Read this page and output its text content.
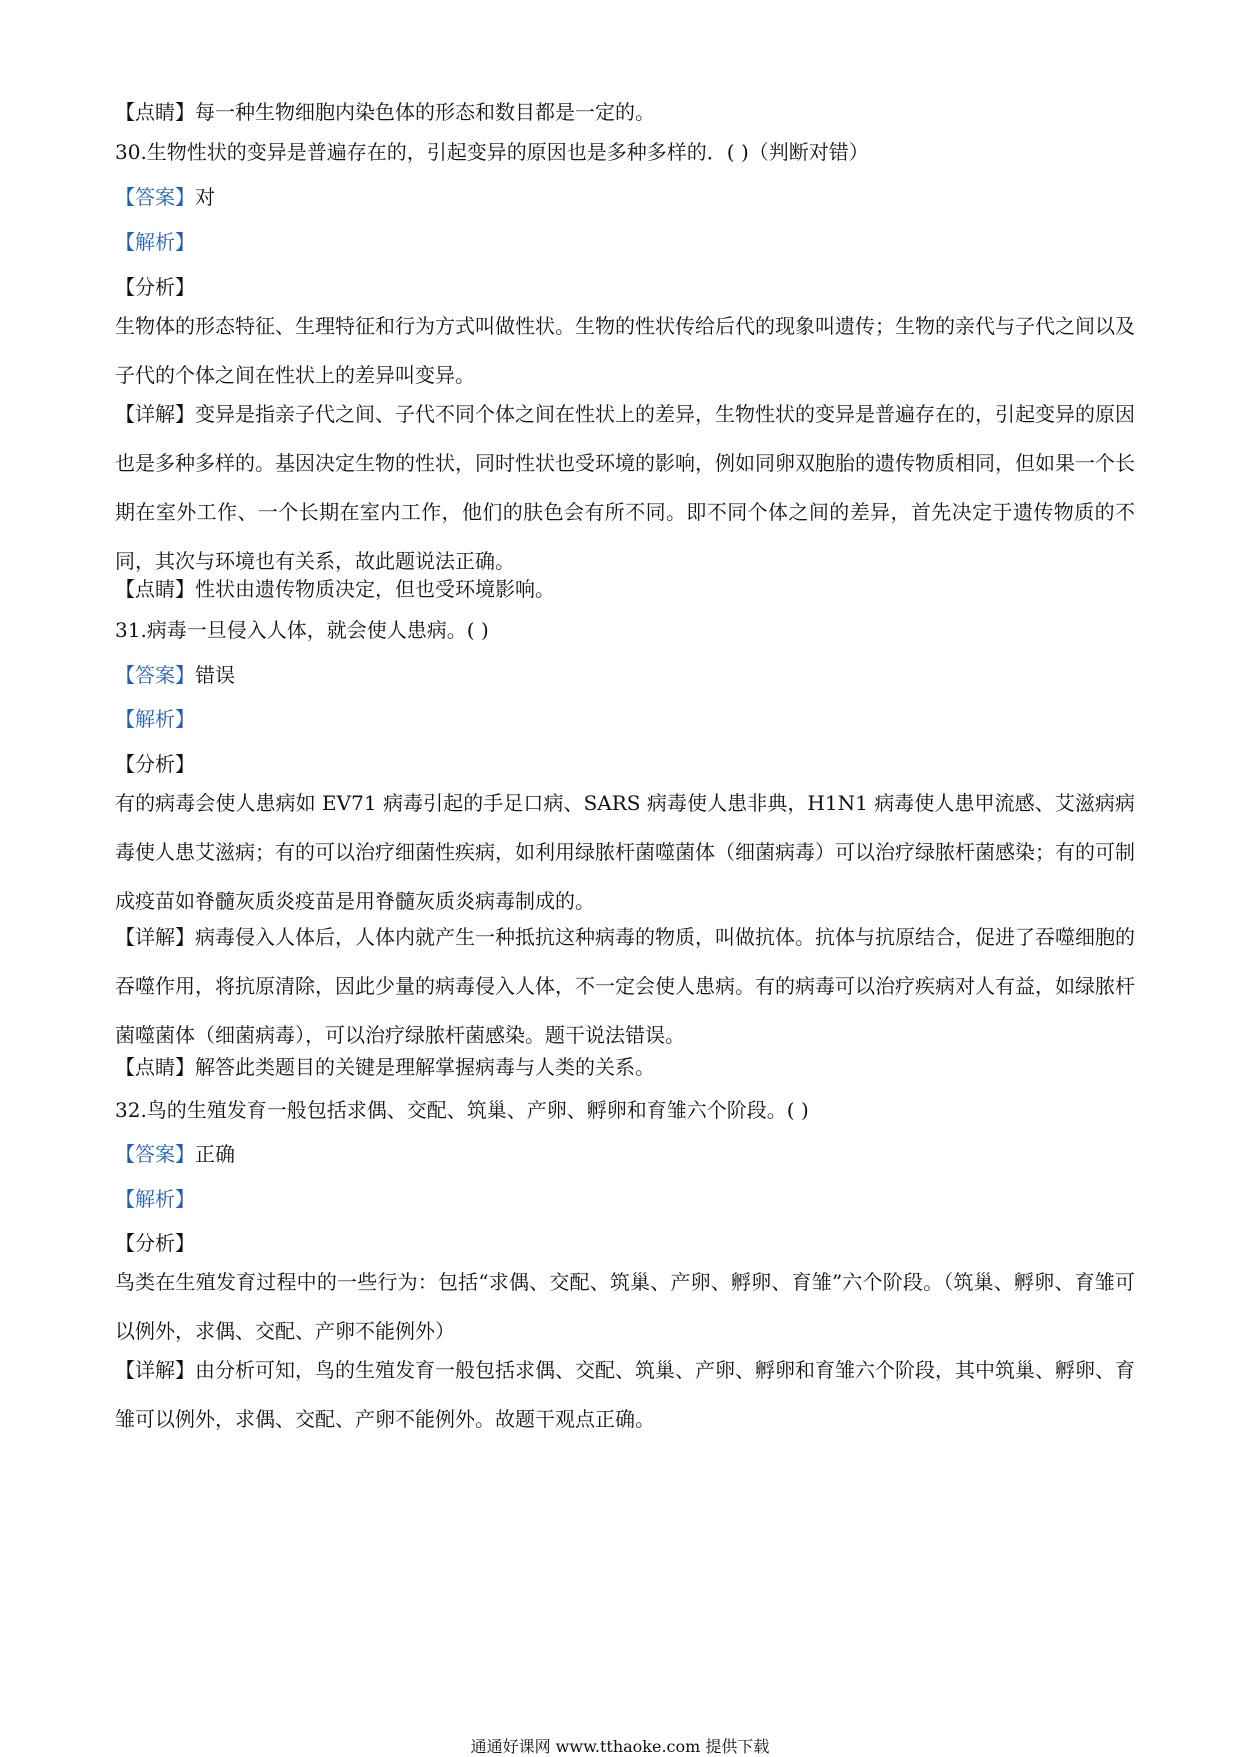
【点睛】每一种生物细胞内染色体的形态和数目都是一定的。
30.生物性状的变异是普遍存在的，引起变异的原因也是多种多样的．( )（判断对错）
【答案】对
【解析】
【分析】
生物体的形态特征、生理特征和行为方式叫做性状。生物的性状传给后代的现象叫遗传；生物的亲代与子代之间以及子代的个体之间在性状上的差异叫变异。
【详解】变异是指亲子代之间、子代不同个体之间在性状上的差异，生物性状的变异是普遍存在的，引起变异的原因也是多种多样的。基因决定生物的性状，同时性状也受环境的影响，例如同卵双胞胎的遗传物质相同，但如果一个长期在室外工作、一个长期在室内工作，他们的肤色会有所不同。即不同个体之间的差异，首先决定于遗传物质的不同，其次与环境也有关系，故此题说法正确。
【点睛】性状由遗传物质决定，但也受环境影响。
31.病毒一旦侵入人体，就会使人患病。( )
【答案】错误
【解析】
【分析】
有的病毒会使人患病如 EV71 病毒引起的手足口病、SARS 病毒使人患非典，H1N1 病毒使人患甲流感、艾滋病病毒使人患艾滋病；有的可以治疗细菌性疾病，如利用绿脓杆菌噬菌体（细菌病毒）可以治疗绿脓杆菌感染；有的可制成疫苗如脊髓灰质炎疫苗是用脊髓灰质炎病毒制成的。
【详解】病毒侵入人体后，人体内就产生一种抵抗这种病毒的物质，叫做抗体。抗体与抗原结合，促进了吞噬细胞的吞噬作用，将抗原清除，因此少量的病毒侵入人体，不一定会使人患病。有的病毒可以治疗疾病对人有益，如绿脓杆菌噬菌体（细菌病毒），可以治疗绿脓杆菌感染。题干说法错误。
【点睛】解答此类题目的关键是理解掌握病毒与人类的关系。
32.鸟的生殖发育一般包括求偶、交配、筑巢、产卵、孵卵和育雏六个阶段。( )
【答案】正确
【解析】
【分析】
鸟类在生殖发育过程中的一些行为：包括“求偶、交配、筑巢、产卵、孵卵、育雏”六个阶段。（筑巢、孵卵、育雏可以例外，求偶、交配、产卵不能例外）
【详解】由分析可知，鸟的生殖发育一般包括求偶、交配、筑巢、产卵、孵卵和育雏六个阶段，其中筑巢、孵卵、育雏可以例外，求偶、交配、产卵不能例外。故题干观点正确。
通通好课网 www.tthaoke.com 提供下载
